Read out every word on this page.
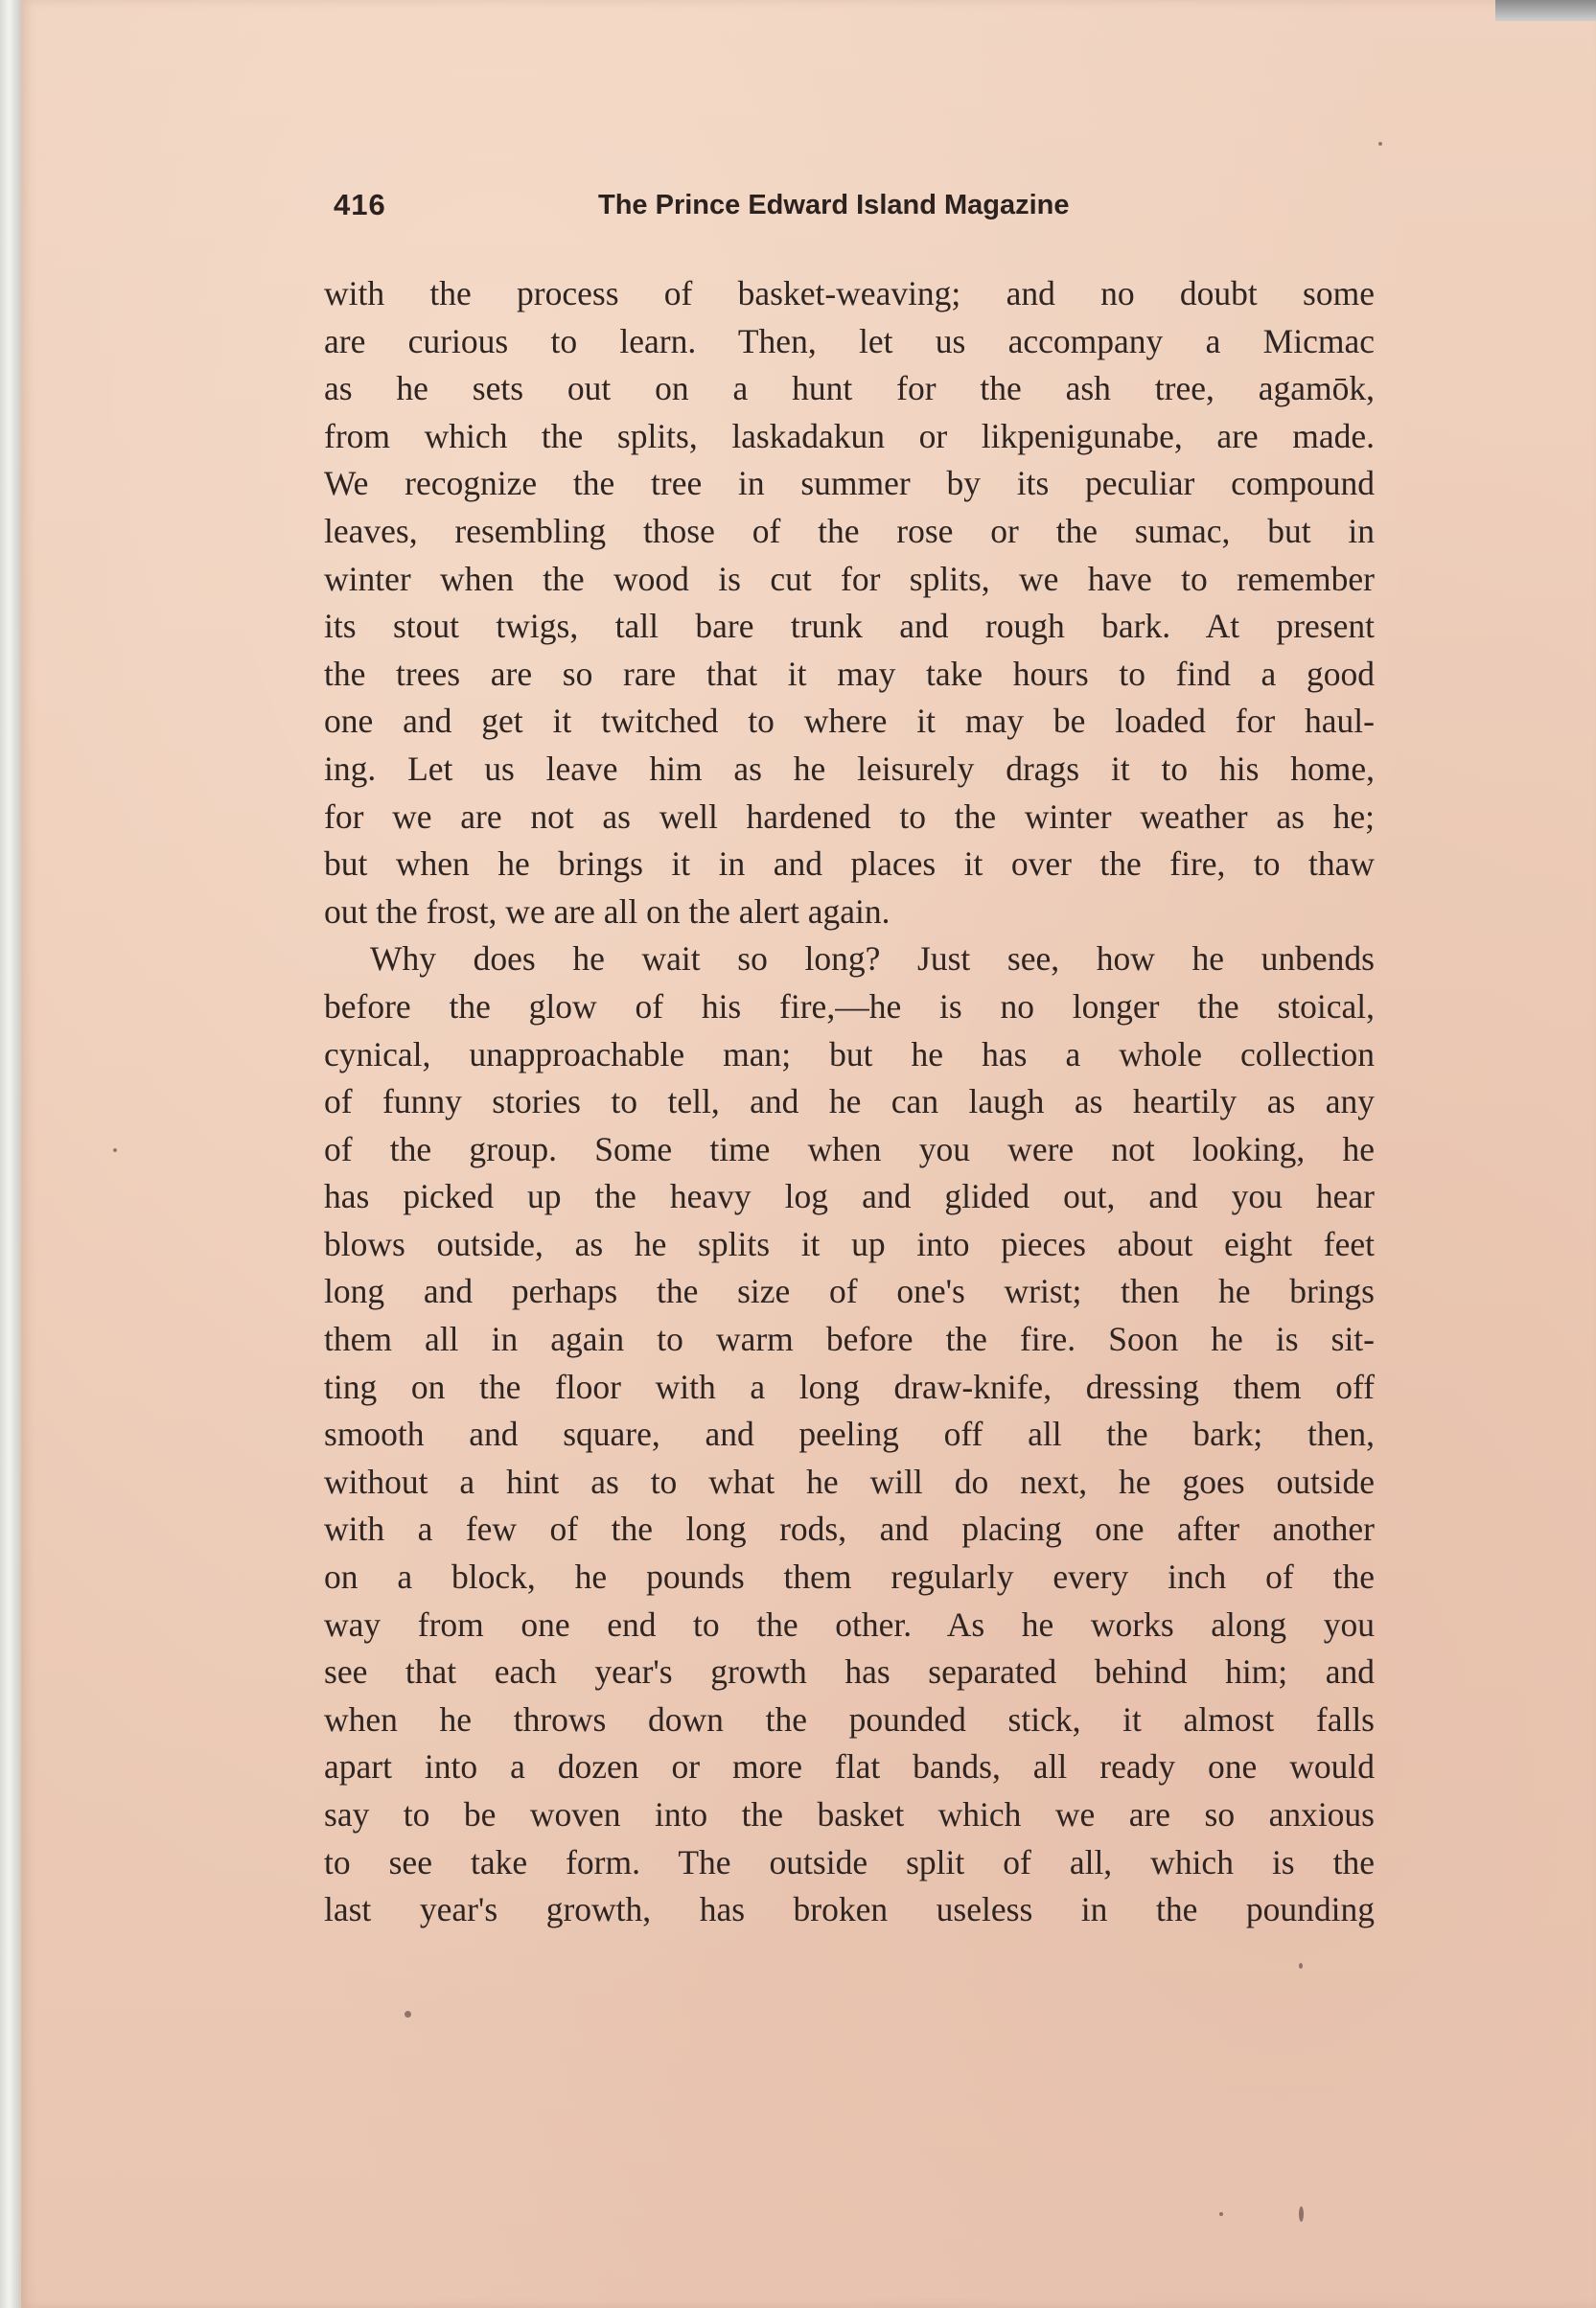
416	The Prince Edward Island Magazine
with the process of basket-weaving; and no doubt some
are curious to learn. Then, let us accompany a Micmac
as he sets out on a hunt for the ash tree, agamōk,
from which the splits, laskadakun or likpenigunabe, are made.
We recognize the tree in summer by its peculiar compound
leaves, resembling those of the rose or the sumac, but in
winter when the wood is cut for splits, we have to remember
its stout twigs, tall bare trunk and rough bark. At present
the trees are so rare that it may take hours to find a good
one and get it twitched to where it may be loaded for haul-
ing. Let us leave him as he leisurely drags it to his home,
for we are not as well hardened to the winter weather as he;
but when he brings it in and places it over the fire, to thaw
out the frost, we are all on the alert again.
Why does he wait so long? Just see, how he unbends
before the glow of his fire,—he is no longer the stoical,
cynical, unapproachable man; but he has a whole collection
of funny stories to tell, and he can laugh as heartily as any
of the group. Some time when you were not looking, he
has picked up the heavy log and glided out, and you hear
blows outside, as he splits it up into pieces about eight feet
long and perhaps the size of one's wrist; then he brings
them all in again to warm before the fire. Soon he is sit-
ting on the floor with a long draw-knife, dressing them off
smooth and square, and peeling off all the bark; then,
without a hint as to what he will do next, he goes outside
with a few of the long rods, and placing one after another
on a block, he pounds them regularly every inch of the
way from one end to the other. As he works along you
see that each year's growth has separated behind him; and
when he throws down the pounded stick, it almost falls
apart into a dozen or more flat bands, all ready one would
say to be woven into the basket which we are so anxious
to see take form. The outside split of all, which is the
last year's growth, has broken useless in the pounding
